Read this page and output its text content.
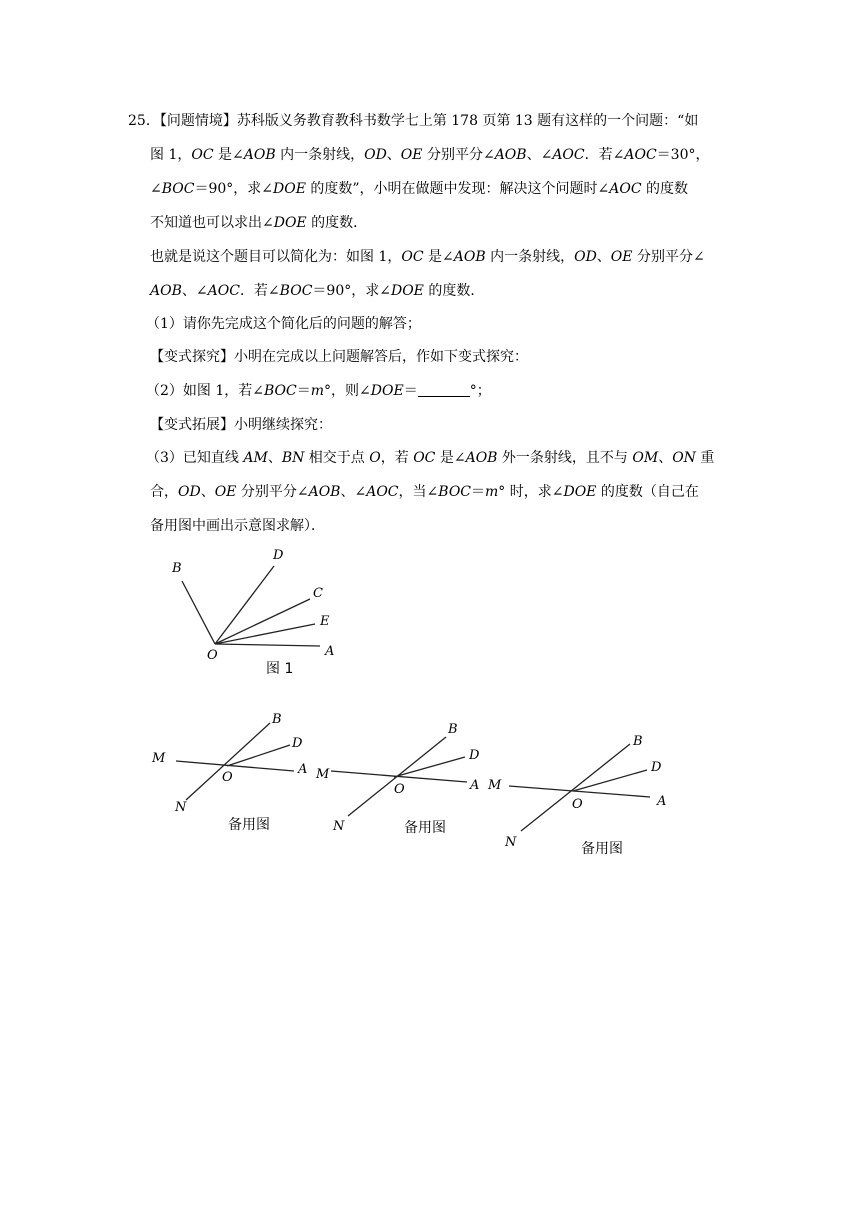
25．【问题情境】苏科版义务教育教科书数学七上第 178 页第 13 题有这样的一个问题：“如
图 1，OC 是∠AOB 内一条射线，OD、OE 分别平分∠AOB、∠AOC．若∠AOC＝30°，
∠BOC＝90°，求∠DOE 的度数”，小明在做题中发现：解决这个问题时∠AOC 的度数
不知道也可以求出∠DOE 的度数．
也就是说这个题目可以简化为：如图 1，OC 是∠AOB 内一条射线，OD、OE 分别平分∠
AOB、∠AOC．若∠BOC＝90°，求∠DOE 的度数．
（1）请你先完成这个简化后的问题的解答；
【变式探究】小明在完成以上问题解答后，作如下变式探究：
（2）如图 1，若∠BOC＝m°，则∠DOE＝	°；
【变式拓展】小明继续探究：
（3）已知直线 AM、BN 相交于点 O，若 OC 是∠AOB 外一条射线，且不与 OM、ON 重
合，OD、OE 分别平分∠AOB、∠AOC，当∠BOC＝m° 时，求∠DOE 的度数（自己在
备用图中画出示意图求解）．
B
D
C
E
O	A
图 1
B
D
M
O
A
N
备用图
B
D
M
O	A
N	备用图
B
D
M
O	A
N	备用图
